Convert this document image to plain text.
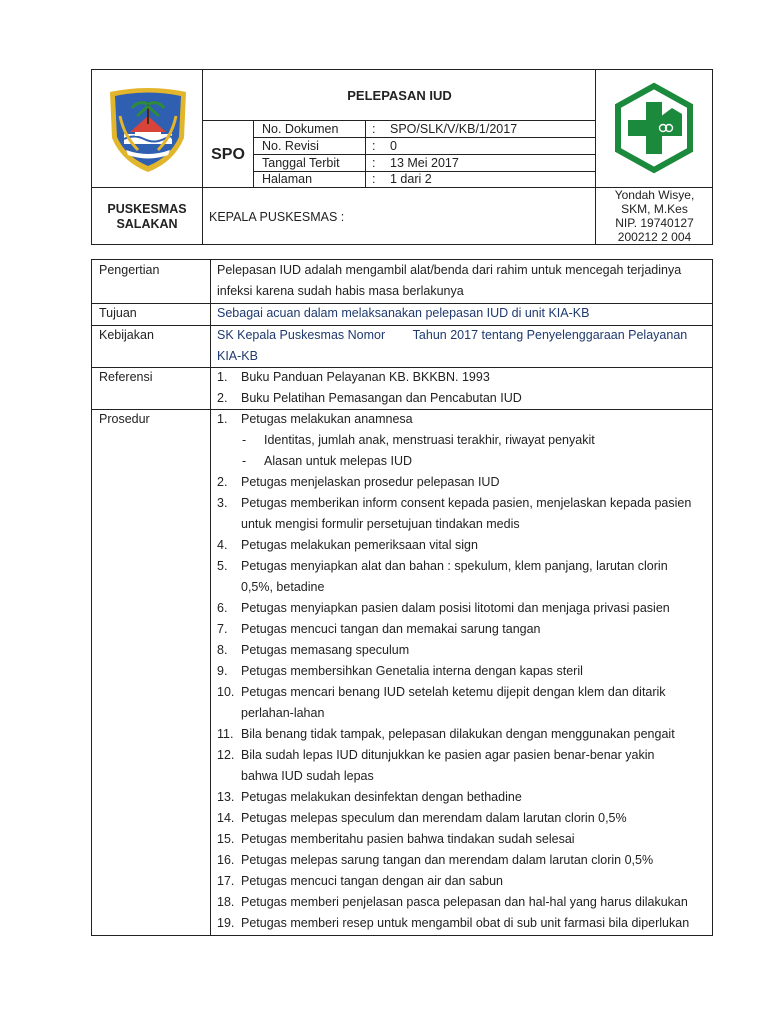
PELEPASAN IUD
SPO
No. Dokumen	: SPO/SLK/V/KB/1/2017
No. Revisi	: 0
Tanggal Terbit	: 13 Mei 2017
Halaman	: 1 dari 2
PUSKESMAS
SALAKAN	KEPALA PUSKESMAS :
Yondah Wisye,
SKM, M.Kes
NIP. 19740127
200212 2 004
Pengertian	Pelepasan IUD adalah mengambil alat/benda dari rahim untuk mencegah terjadinya
infeksi karena sudah habis masa berlakunya
Tujuan	Sebagai acuan dalam melaksanakan pelepasan IUD di unit KIA-KB
Kebijakan	SK Kepala Puskesmas Nomor        Tahun 2017 tentang Penyelenggaraan Pelayanan
KIA-KB
Referensi	1.	Buku Panduan Pelayanan KB. BKKBN. 1993
2.	Buku Pelatihan Pemasangan dan Pencabutan IUD
Prosedur	1.	Petugas melakukan anamnesa
- Identitas, jumlah anak, menstruasi terakhir, riwayat penyakit
- Alasan untuk melepas IUD
2.	Petugas menjelaskan prosedur pelepasan IUD
3.	Petugas memberikan inform consent kepada pasien, menjelaskan kepada pasien
untuk mengisi formulir persetujuan tindakan medis
4.	Petugas melakukan pemeriksaan vital sign
5.	Petugas menyiapkan alat dan bahan : spekulum, klem panjang, larutan clorin
0,5%, betadine
6.	Petugas menyiapkan pasien dalam posisi litotomi dan menjaga privasi pasien
7.	Petugas mencuci tangan dan memakai sarung tangan
8.	Petugas memasang speculum
9.	Petugas membersihkan Genetalia interna dengan kapas steril
10. Petugas mencari benang IUD setelah ketemu dijepit dengan klem dan ditarik
perlahan-lahan
11. Bila benang tidak tampak, pelepasan dilakukan dengan menggunakan pengait
12. Bila sudah lepas IUD ditunjukkan ke pasien agar pasien benar-benar yakin
bahwa IUD sudah lepas
13. Petugas melakukan desinfektan dengan bethadine
14. Petugas melepas speculum dan merendam dalam larutan clorin 0,5%
15. Petugas memberitahu pasien bahwa tindakan sudah selesai
16. Petugas melepas sarung tangan dan merendam dalam larutan clorin 0,5%
17. Petugas mencuci tangan dengan air dan sabun
18. Petugas memberi penjelasan pasca pelepasan dan hal-hal yang harus dilakukan
19. Petugas memberi resep untuk mengambil obat di sub unit farmasi bila diperlukan
